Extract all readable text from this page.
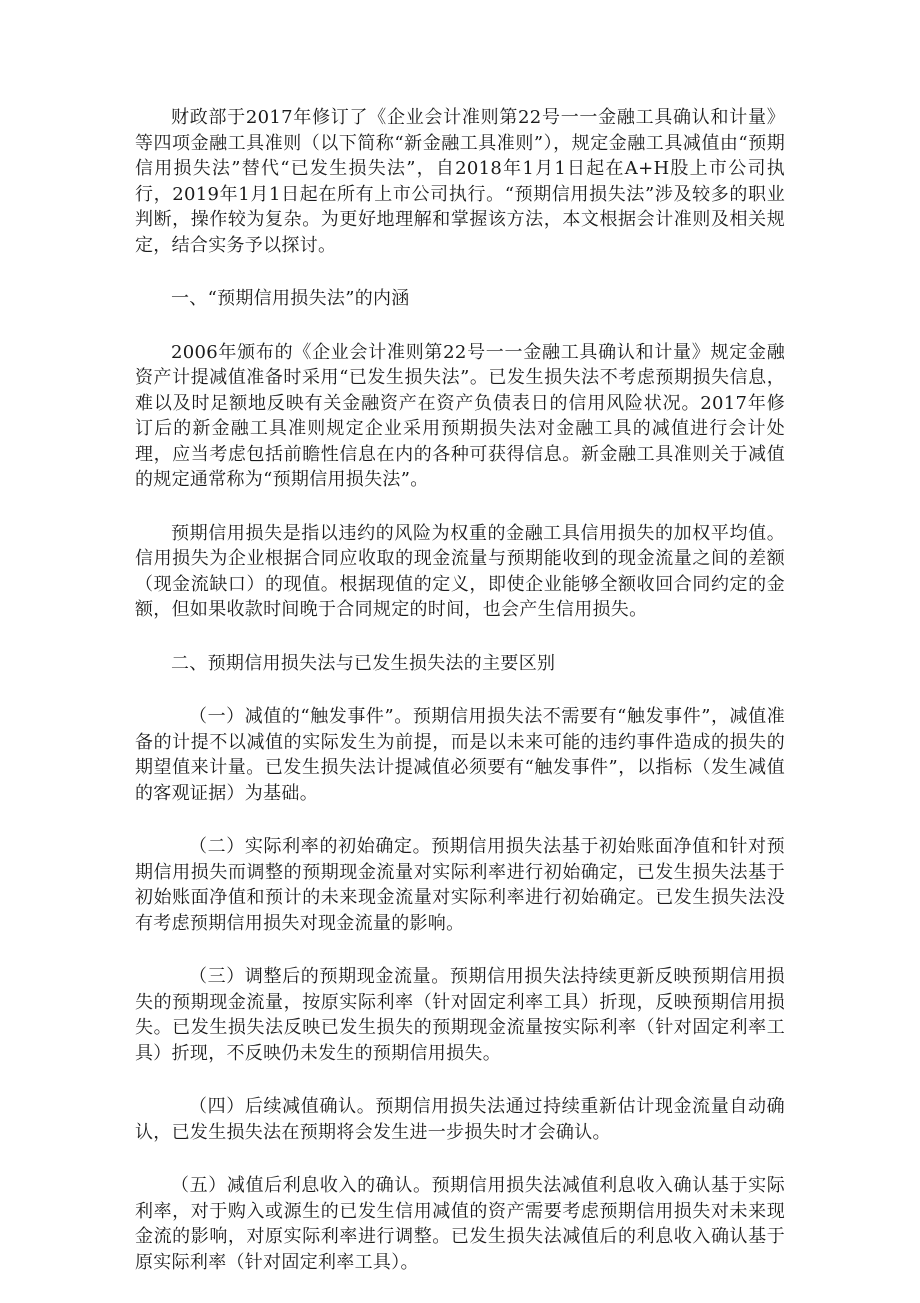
财政部于2017年修订了《企业会计准则第22号一一金融工具确认和计量》等四项金融工具准则（以下简称“新金融工具准则”），规定金融工具减值由“预期信用损失法”替代“已发生损失法”，自2018年1月1日起在A+H股上市公司执行，2019年1月1日起在所有上市公司执行。“预期信用损失法”涉及较多的职业判断，操作较为复杂。为更好地理解和掌握该方法，本文根据会计准则及相关规定，结合实务予以探讨。

一、“预期信用损失法”的内涵

2006年颁布的《企业会计准则第22号一一金融工具确认和计量》规定金融资产计提减值准备时采用“已发生损失法”。已发生损失法不考虑预期损失信息，难以及时足额地反映有关金融资产在资产负债表日的信用风险状况。2017年修订后的新金融工具准则规定企业采用预期损失法对金融工具的减值进行会计处理，应当考虑包括前瞻性信息在内的各种可获得信息。新金融工具准则关于减值的规定通常称为“预期信用损失法”。

预期信用损失是指以违约的风险为权重的金融工具信用损失的加权平均值。信用损失为企业根据合同应收取的现金流量与预期能收到的现金流量之间的差额（现金流缺口）的现值。根据现值的定义，即使企业能够全额收回合同约定的金额，但如果收款时间晚于合同规定的时间，也会产生信用损失。

二、预期信用损失法与已发生损失法的主要区别

（一）减值的“触发事件”。预期信用损失法不需要有“触发事件”，减值准备的计提不以减值的实际发生为前提，而是以未来可能的违约事件造成的损失的期望值来计量。已发生损失法计提减值必须要有“触发事件”，以指标（发生减值的客观证据）为基础。

（二）实际利率的初始确定。预期信用损失法基于初始账面净值和针对预期信用损失而调整的预期现金流量对实际利率进行初始确定，已发生损失法基于初始账面净值和预计的未来现金流量对实际利率进行初始确定。已发生损失法没有考虑预期信用损失对现金流量的影响。

（三）调整后的预期现金流量。预期信用损失法持续更新反映预期信用损失的预期现金流量，按原实际利率（针对固定利率工具）折现，反映预期信用损失。已发生损失法反映已发生损失的预期现金流量按实际利率（针对固定利率工具）折现，不反映仍未发生的预期信用损失。

（四）后续减值确认。预期信用损失法通过持续重新估计现金流量自动确认，已发生损失法在预期将会发生进一步损失时才会确认。

（五）减值后利息收入的确认。预期信用损失法减值利息收入确认基于实际利率，对于购入或源生的已发生信用减值的资产需要考虑预期信用损失对未来现金流的影响，对原实际利率进行调整。已发生损失法减值后的利息收入确认基于原实际利率（针对固定利率工具）。
